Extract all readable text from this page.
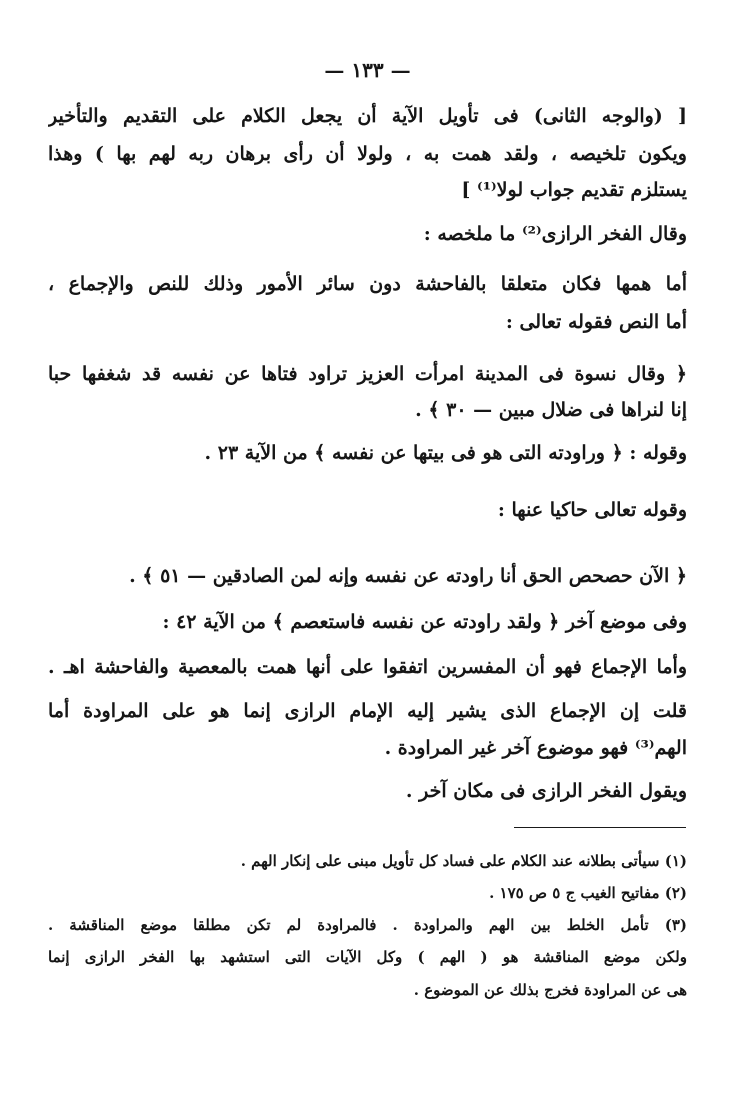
— ١٣٣ —
[ (والوجه الثانى) فى تأويل الآية أن يجعل الكلام على التقديم والتأخير
ويكون تلخيصه ، ولقد همت به ، ولولا أن رأى برهان ربه لهم بها ) وهذا
يستلزم تقديم جواب لولا⁽¹⁾ ]
وقال الفخر الرازى⁽²⁾ ما ملخصه :
أما همها فكان متعلقا بالفاحشة دون سائر الأمور وذلك للنص والإجماع ،
أما النص فقوله تعالى :
﴿ وقال نسوة فى المدينة امرأت العزيز تراود فتاها عن نفسه قد شغفها حبا
إنا لنراها فى ضلال مبين — ٣٠ ﴾ .
وقوله : ﴿ وراودته التى هو فى بيتها عن نفسه ﴾ من الآية ٢٣ .
وقوله تعالى حاكيا عنها :
﴿ الآن حصحص الحق أنا راودته عن نفسه وإنه لمن الصادقين — ٥١ ﴾ .
وفى موضع آخر ﴿ ولقد راودته عن نفسه فاستعصم ﴾ من الآية ٤٢ :
وأما الإجماع فهو أن المفسرين اتفقوا على أنها همت بالمعصية والفاحشة اهـ .
قلت إن الإجماع الذى يشير إليه الإمام الرازى إنما هو على المراودة أما
الهم⁽³⁾ فهو موضوع آخر غير المراودة .
ويقول الفخر الرازى فى مكان آخر .
(١) سيأتى بطلانه عند الكلام على فساد كل تأويل مبنى على إنكار الهم .
(٢) مفاتيح الغيب ج ٥ ص ١٧٥ .
(٣) تأمل الخلط بين الهم والمراودة . فالمراودة لم تكن مطلقا موضع المناقشة .
ولكن موضع المناقشة هو ( الهم ) وكل الآيات التى استشهد بها الفخر الرازى إنما
هى عن المراودة فخرج بذلك عن الموضوع .
